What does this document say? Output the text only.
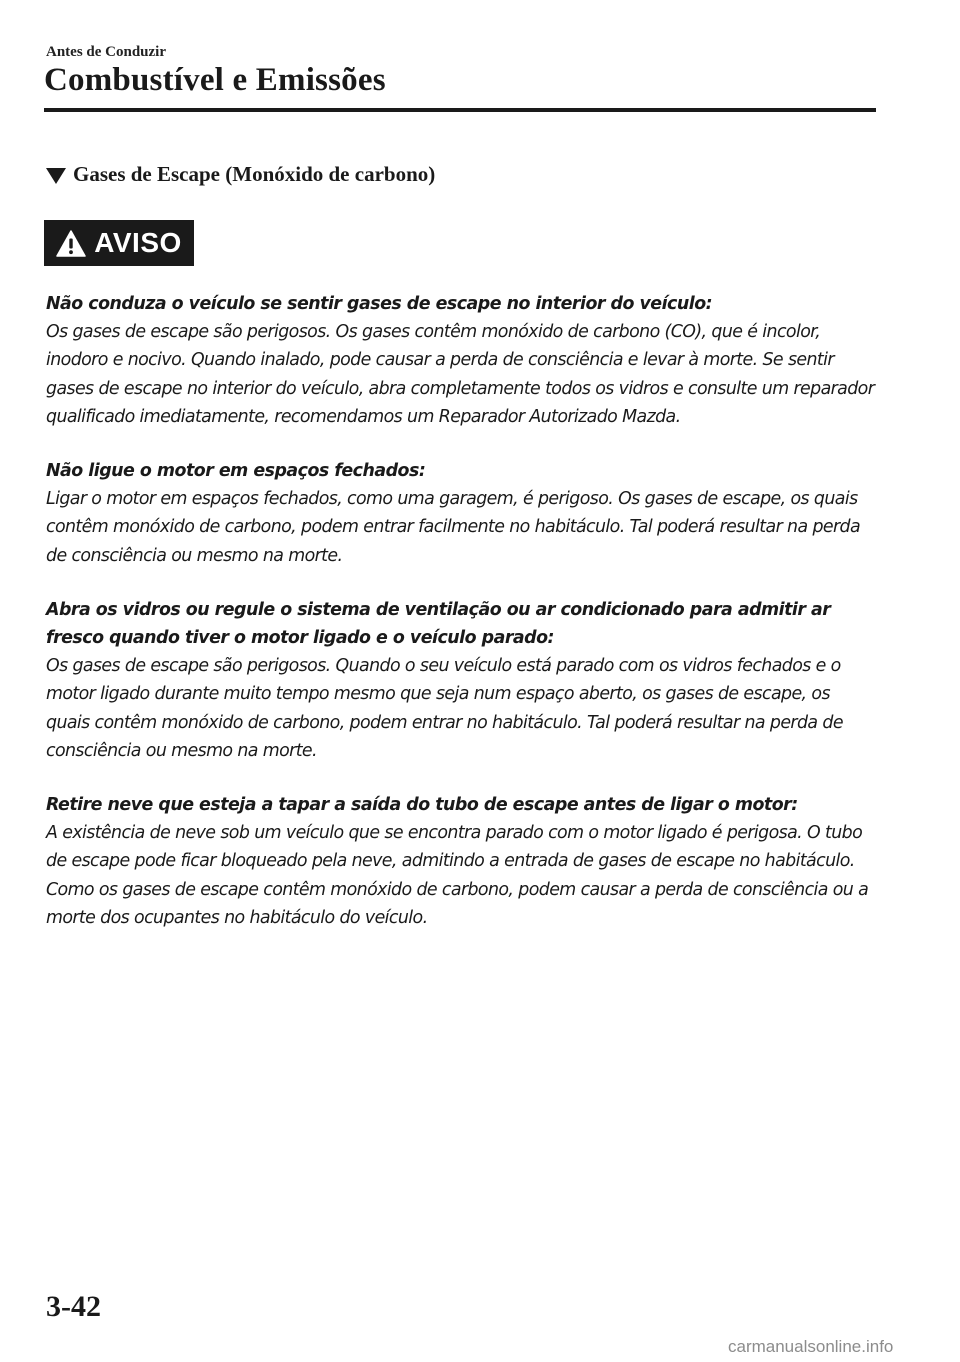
Antes de Conduzir
Combustível e Emissões
Gases de Escape (Monóxido de carbono)
AVISO
Não conduza o veículo se sentir gases de escape no interior do veículo:
Os gases de escape são perigosos. Os gases contêm monóxido de carbono (CO), que é incolor, inodoro e nocivo. Quando inalado, pode causar a perda de consciência e levar à morte. Se sentir gases de escape no interior do veículo, abra completamente todos os vidros e consulte um reparador qualificado imediatamente, recomendamos um Reparador Autorizado Mazda.
Não ligue o motor em espaços fechados:
Ligar o motor em espaços fechados, como uma garagem, é perigoso. Os gases de escape, os quais contêm monóxido de carbono, podem entrar facilmente no habitáculo. Tal poderá resultar na perda de consciência ou mesmo na morte.
Abra os vidros ou regule o sistema de ventilação ou ar condicionado para admitir ar fresco quando tiver o motor ligado e o veículo parado:
Os gases de escape são perigosos. Quando o seu veículo está parado com os vidros fechados e o motor ligado durante muito tempo mesmo que seja num espaço aberto, os gases de escape, os quais contêm monóxido de carbono, podem entrar no habitáculo. Tal poderá resultar na perda de consciência ou mesmo na morte.
Retire neve que esteja a tapar a saída do tubo de escape antes de ligar o motor:
A existência de neve sob um veículo que se encontra parado com o motor ligado é perigosa. O tubo de escape pode ficar bloqueado pela neve, admitindo a entrada de gases de escape no habitáculo. Como os gases de escape contêm monóxido de carbono, podem causar a perda de consciência ou a morte dos ocupantes no habitáculo do veículo.
3-42
carmanualsonline.info
